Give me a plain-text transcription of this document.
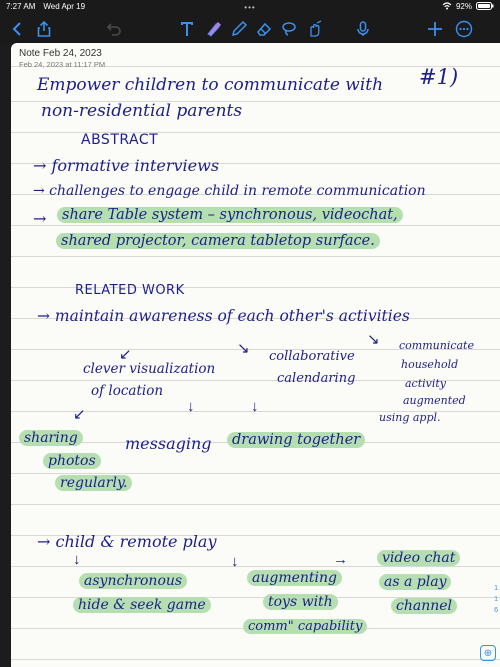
7:27 AM Wed Apr 19	•••	92%
Note Feb 24, 2023
Feb 24, 2023 at 11:17 PM
Empower children to communicate with
non-residential parents
#1)
ABSTRACT
→ formative interviews
→ challenges to engage child in remote communication
→	share Table system – synchronous, videochat,
shared projector, camera tabletop surface.
RELATED WORK
→ maintain awareness of each other's activities
↙	↘
↘
clever visualization
of location
collaborative
calendaring
communicate
household
activity
augmented
using appl.
↙	↓	↓
sharing
photos
regularly.
messaging	drawing together
→ child & remote play
↓	↓	→
asynchronous
hide & seek game
augmenting
toys with
comm" capability
video chat
as a play
channel
1
1
6
⊕
